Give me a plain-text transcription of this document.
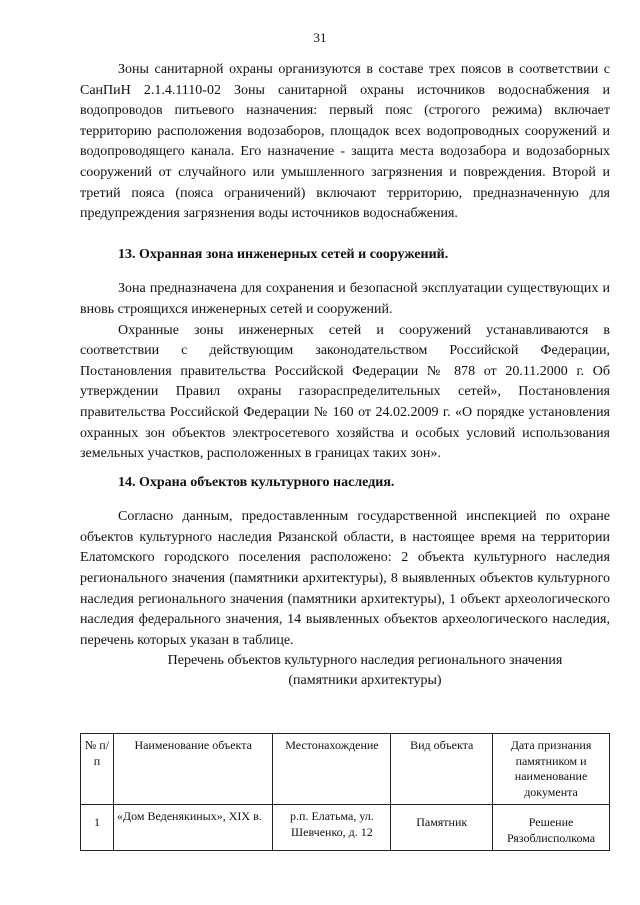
31

Зоны санитарной охраны организуются в составе трех поясов в соответствии с СанПиН 2.1.4.1110-02 Зоны санитарной охраны источников водоснабжения и водопроводов питьевого назначения: первый пояс (строгого режима) включает территорию расположения водозаборов, площадок всех водопроводных сооружений и водопроводящего канала. Его назначение - защита места водозабора и водозаборных сооружений от случайного или умышленного загрязнения и повреждения. Второй и третий пояса (пояса ограничений) включают территорию, предназначенную для предупреждения загрязнения воды источников водоснабжения.

13. Охранная зона инженерных сетей и сооружений.

Зона предназначена для сохранения и безопасной эксплуатации существующих и вновь строящихся инженерных сетей и сооружений.

Охранные зоны инженерных сетей и сооружений устанавливаются в соответствии с действующим законодательством Российской Федерации, Постановления правительства Российской Федерации № 878 от 20.11.2000 г. Об утверждении Правил охраны газораспределительных сетей», Постановления правительства Российской Федерации № 160 от 24.02.2009 г. «О порядке установления охранных зон объектов электросетевого хозяйства и особых условий использования земельных участков, расположенных в границах таких зон».

14. Охрана объектов культурного наследия.

Согласно данным, предоставленным государственной инспекцией по охране объектов культурного наследия Рязанской области, в настоящее время на территории Елатомского городского поселения расположено: 2 объекта культурного наследия регионального значения (памятники архитектуры), 8 выявленных объектов культурного наследия регионального значения (памятники архитектуры), 1 объект археологического наследия федерального значения, 14 выявленных объектов археологического наследия, перечень которых указан в таблице.

Перечень объектов культурного наследия регионального значения
(памятники архитектуры)
№ п/п	Наименование объекта	Местонахождение	Вид объекта	Дата признания памятником и наименование документа
1	«Дом Веденякиных», XIX в.	р.п. Елатьма, ул. Шевченко, д. 12	Памятник	Решение Рязоблисполкома
